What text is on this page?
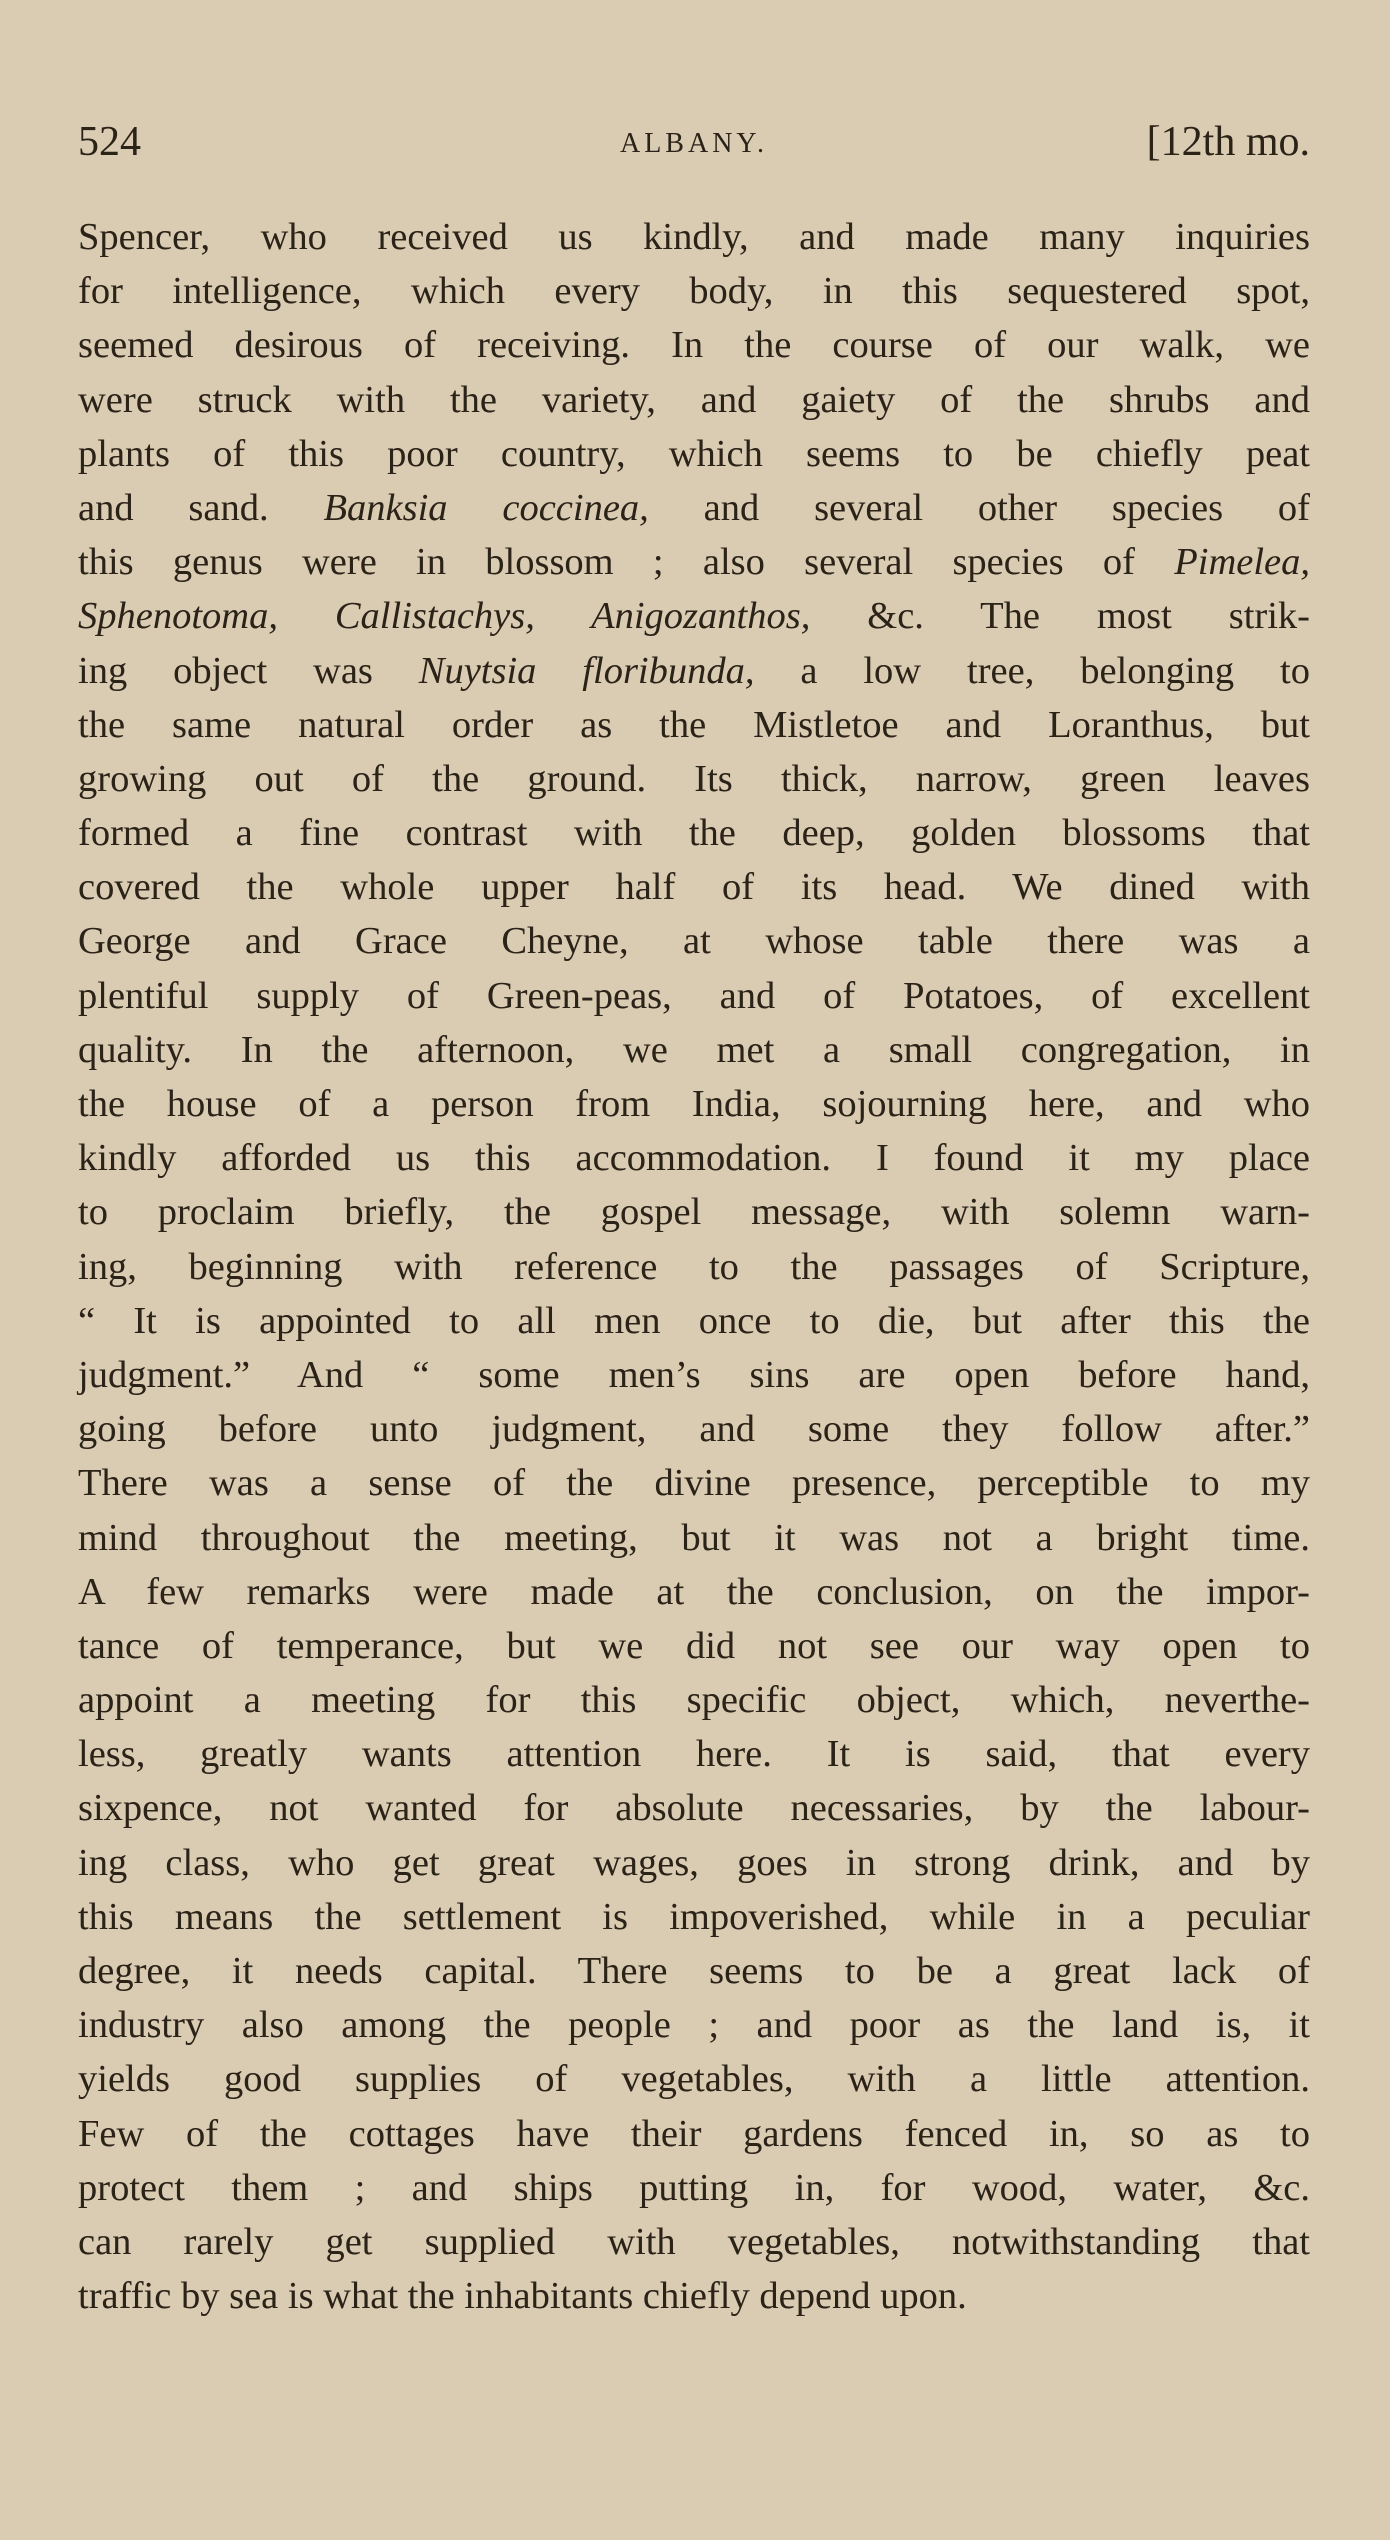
524	ALBANY.	[12th mo.
Spencer, who received us kindly, and made many inquiries
for intelligence, which every body, in this sequestered spot,
seemed desirous of receiving. In the course of our walk, we
were struck with the variety, and gaiety of the shrubs and
plants of this poor country, which seems to be chiefly peat
and sand. Banksia coccinea, and several other species of
this genus were in blossom ; also several species of Pimelea,
Sphenotoma, Callistachys, Anigozanthos, &c. The most strik-
ing object was Nuytsia floribunda, a low tree, belonging to
the same natural order as the Mistletoe and Loranthus, but
growing out of the ground. Its thick, narrow, green leaves
formed a fine contrast with the deep, golden blossoms that
covered the whole upper half of its head. We dined with
George and Grace Cheyne, at whose table there was a
plentiful supply of Green-peas, and of Potatoes, of excellent
quality. In the afternoon, we met a small congregation, in
the house of a person from India, sojourning here, and who
kindly afforded us this accommodation. I found it my place
to proclaim briefly, the gospel message, with solemn warn-
ing, beginning with reference to the passages of Scripture,
“ It is appointed to all men once to die, but after this the
judgment.” And “ some men’s sins are open before hand,
going before unto judgment, and some they follow after.”
There was a sense of the divine presence, perceptible to my
mind throughout the meeting, but it was not a bright time.
A few remarks were made at the conclusion, on the impor-
tance of temperance, but we did not see our way open to
appoint a meeting for this specific object, which, neverthe-
less, greatly wants attention here. It is said, that every
sixpence, not wanted for absolute necessaries, by the labour-
ing class, who get great wages, goes in strong drink, and by
this means the settlement is impoverished, while in a peculiar
degree, it needs capital. There seems to be a great lack of
industry also among the people ; and poor as the land is, it
yields good supplies of vegetables, with a little attention.
Few of the cottages have their gardens fenced in, so as to
protect them ; and ships putting in, for wood, water, &c.
can rarely get supplied with vegetables, notwithstanding that
traffic by sea is what the inhabitants chiefly depend upon.
